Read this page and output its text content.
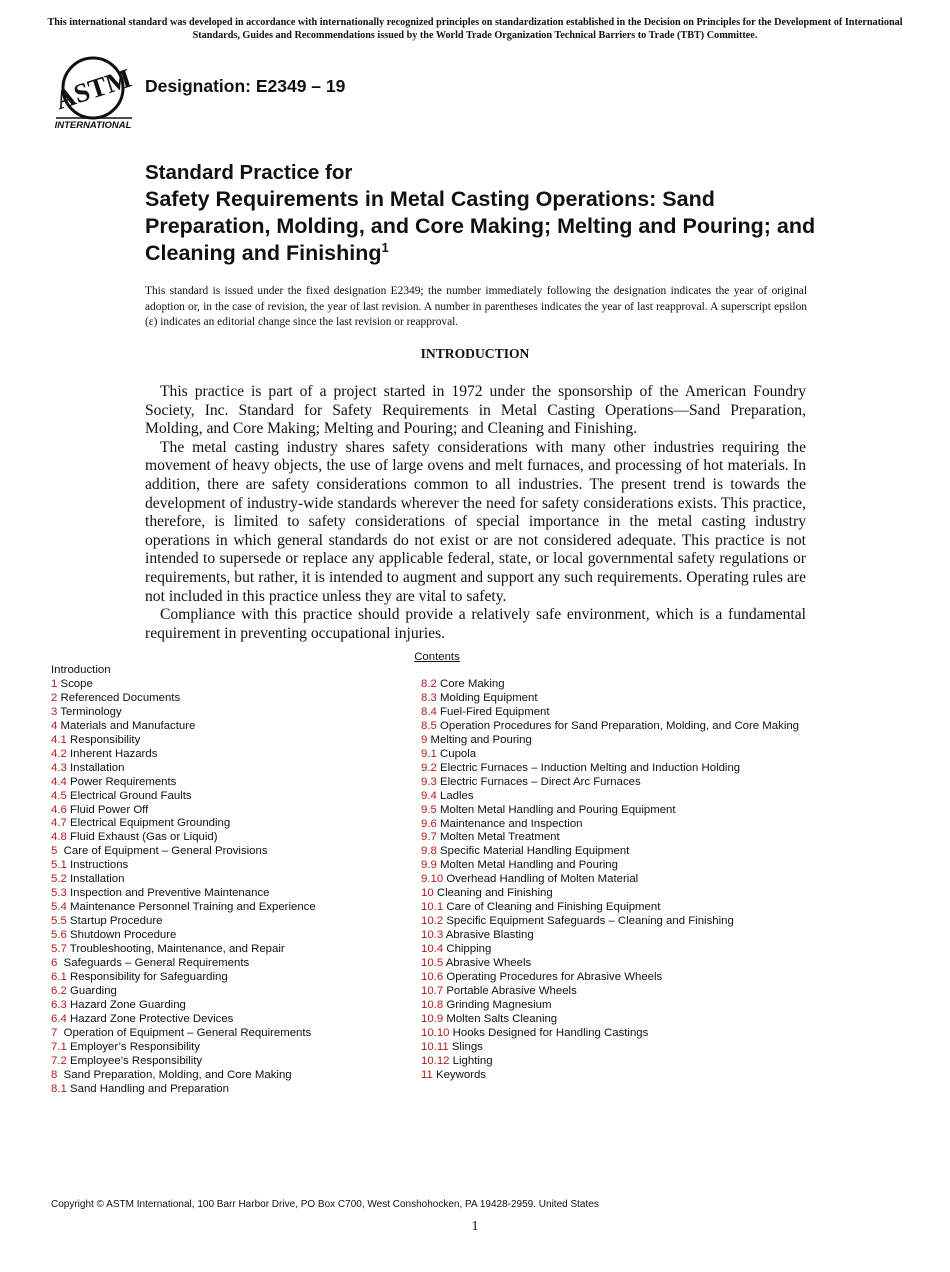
This international standard was developed in accordance with internationally recognized principles on standardization established in the Decision on Principles for the Development of International Standards, Guides and Recommendations issued by the World Trade Organization Technical Barriers to Trade (TBT) Committee.
ASTM
INTERNATIONAL
Designation: E2349 – 19
Standard Practice for
Safety Requirements in Metal Casting Operations: Sand Preparation, Molding, and Core Making; Melting and Pouring; and Cleaning and Finishing$^1$
This standard is issued under the fixed designation E2349; the number immediately following the designation indicates the year of original adoption or, in the case of revision, the year of last revision. A number in parentheses indicates the year of last reapproval. A superscript epsilon (ε) indicates an editorial change since the last revision or reapproval.
INTRODUCTION

This practice is part of a project started in 1972 under the sponsorship of the American Foundry Society, Inc. Standard for Safety Requirements in Metal Casting Operations—Sand Preparation, Molding, and Core Making; Melting and Pouring; and Cleaning and Finishing.

The metal casting industry shares safety considerations with many other industries requiring the movement of heavy objects, the use of large ovens and melt furnaces, and processing of hot materials. In addition, there are safety considerations common to all industries. The present trend is towards the development of industry-wide standards wherever the need for safety considerations exists. This practice, therefore, is limited to safety considerations of special importance in the metal casting industry operations in which general standards do not exist or are not considered adequate. This practice is not intended to supersede or replace any applicable federal, state, or local governmental safety regulations or requirements, but rather, it is intended to augment and support any such requirements. Operating rules are not included in this practice unless they are vital to safety.

Compliance with this practice should provide a relatively safe environment, which is a fundamental requirement in preventing occupational injuries.

Contents
Introduction
1 Scope
2 Referenced Documents
3 Terminology
4 Materials and Manufacture
4.1 Responsibility
4.2 Inherent Hazards
4.3 Installation
4.4 Power Requirements
4.5 Electrical Ground Faults
4.6 Fluid Power Off
4.7 Electrical Equipment Grounding
4.8 Fluid Exhaust (Gas or Liquid)
5  Care of Equipment – General Provisions
5.1 Instructions
5.2 Installation
5.3 Inspection and Preventive Maintenance
5.4 Maintenance Personnel Training and Experience
5.5 Startup Procedure
5.6 Shutdown Procedure
5.7 Troubleshooting, Maintenance, and Repair
6  Safeguards – General Requirements
6.1 Responsibility for Safeguarding
6.2 Guarding
6.3 Hazard Zone Guarding
6.4 Hazard Zone Protective Devices
7  Operation of Equipment – General Requirements
7.1 Employer’s Responsibility
7.2 Employee’s Responsibility
8  Sand Preparation, Molding, and Core Making
8.1 Sand Handling and Preparation
8.2 Core Making
8.3 Molding Equipment
8.4 Fuel-Fired Equipment
8.5 Operation Procedures for Sand Preparation, Molding, and Core Making
9 Melting and Pouring
9.1 Cupola
9.2 Electric Furnaces – Induction Melting and Induction Holding
9.3 Electric Furnaces – Direct Arc Furnaces
9.4 Ladles
9.5 Molten Metal Handling and Pouring Equipment
9.6 Maintenance and Inspection
9.7 Molten Metal Treatment
9.8 Specific Material Handling Equipment
9.9 Molten Metal Handling and Pouring
9.10 Overhead Handling of Molten Material
10 Cleaning and Finishing
10.1 Care of Cleaning and Finishing Equipment
10.2 Specific Equipment Safeguards – Cleaning and Finishing
10.3 Abrasive Blasting
10.4 Chipping
10.5 Abrasive Wheels
10.6 Operating Procedures for Abrasive Wheels
10.7 Portable Abrasive Wheels
10.8 Grinding Magnesium
10.9 Molten Salts Cleaning
10.10 Hooks Designed for Handling Castings
10.11 Slings
10.12 Lighting
11 Keywords
Copyright © ASTM International, 100 Barr Harbor Drive, PO Box C700, West Conshohocken, PA 19428-2959. United States
1
